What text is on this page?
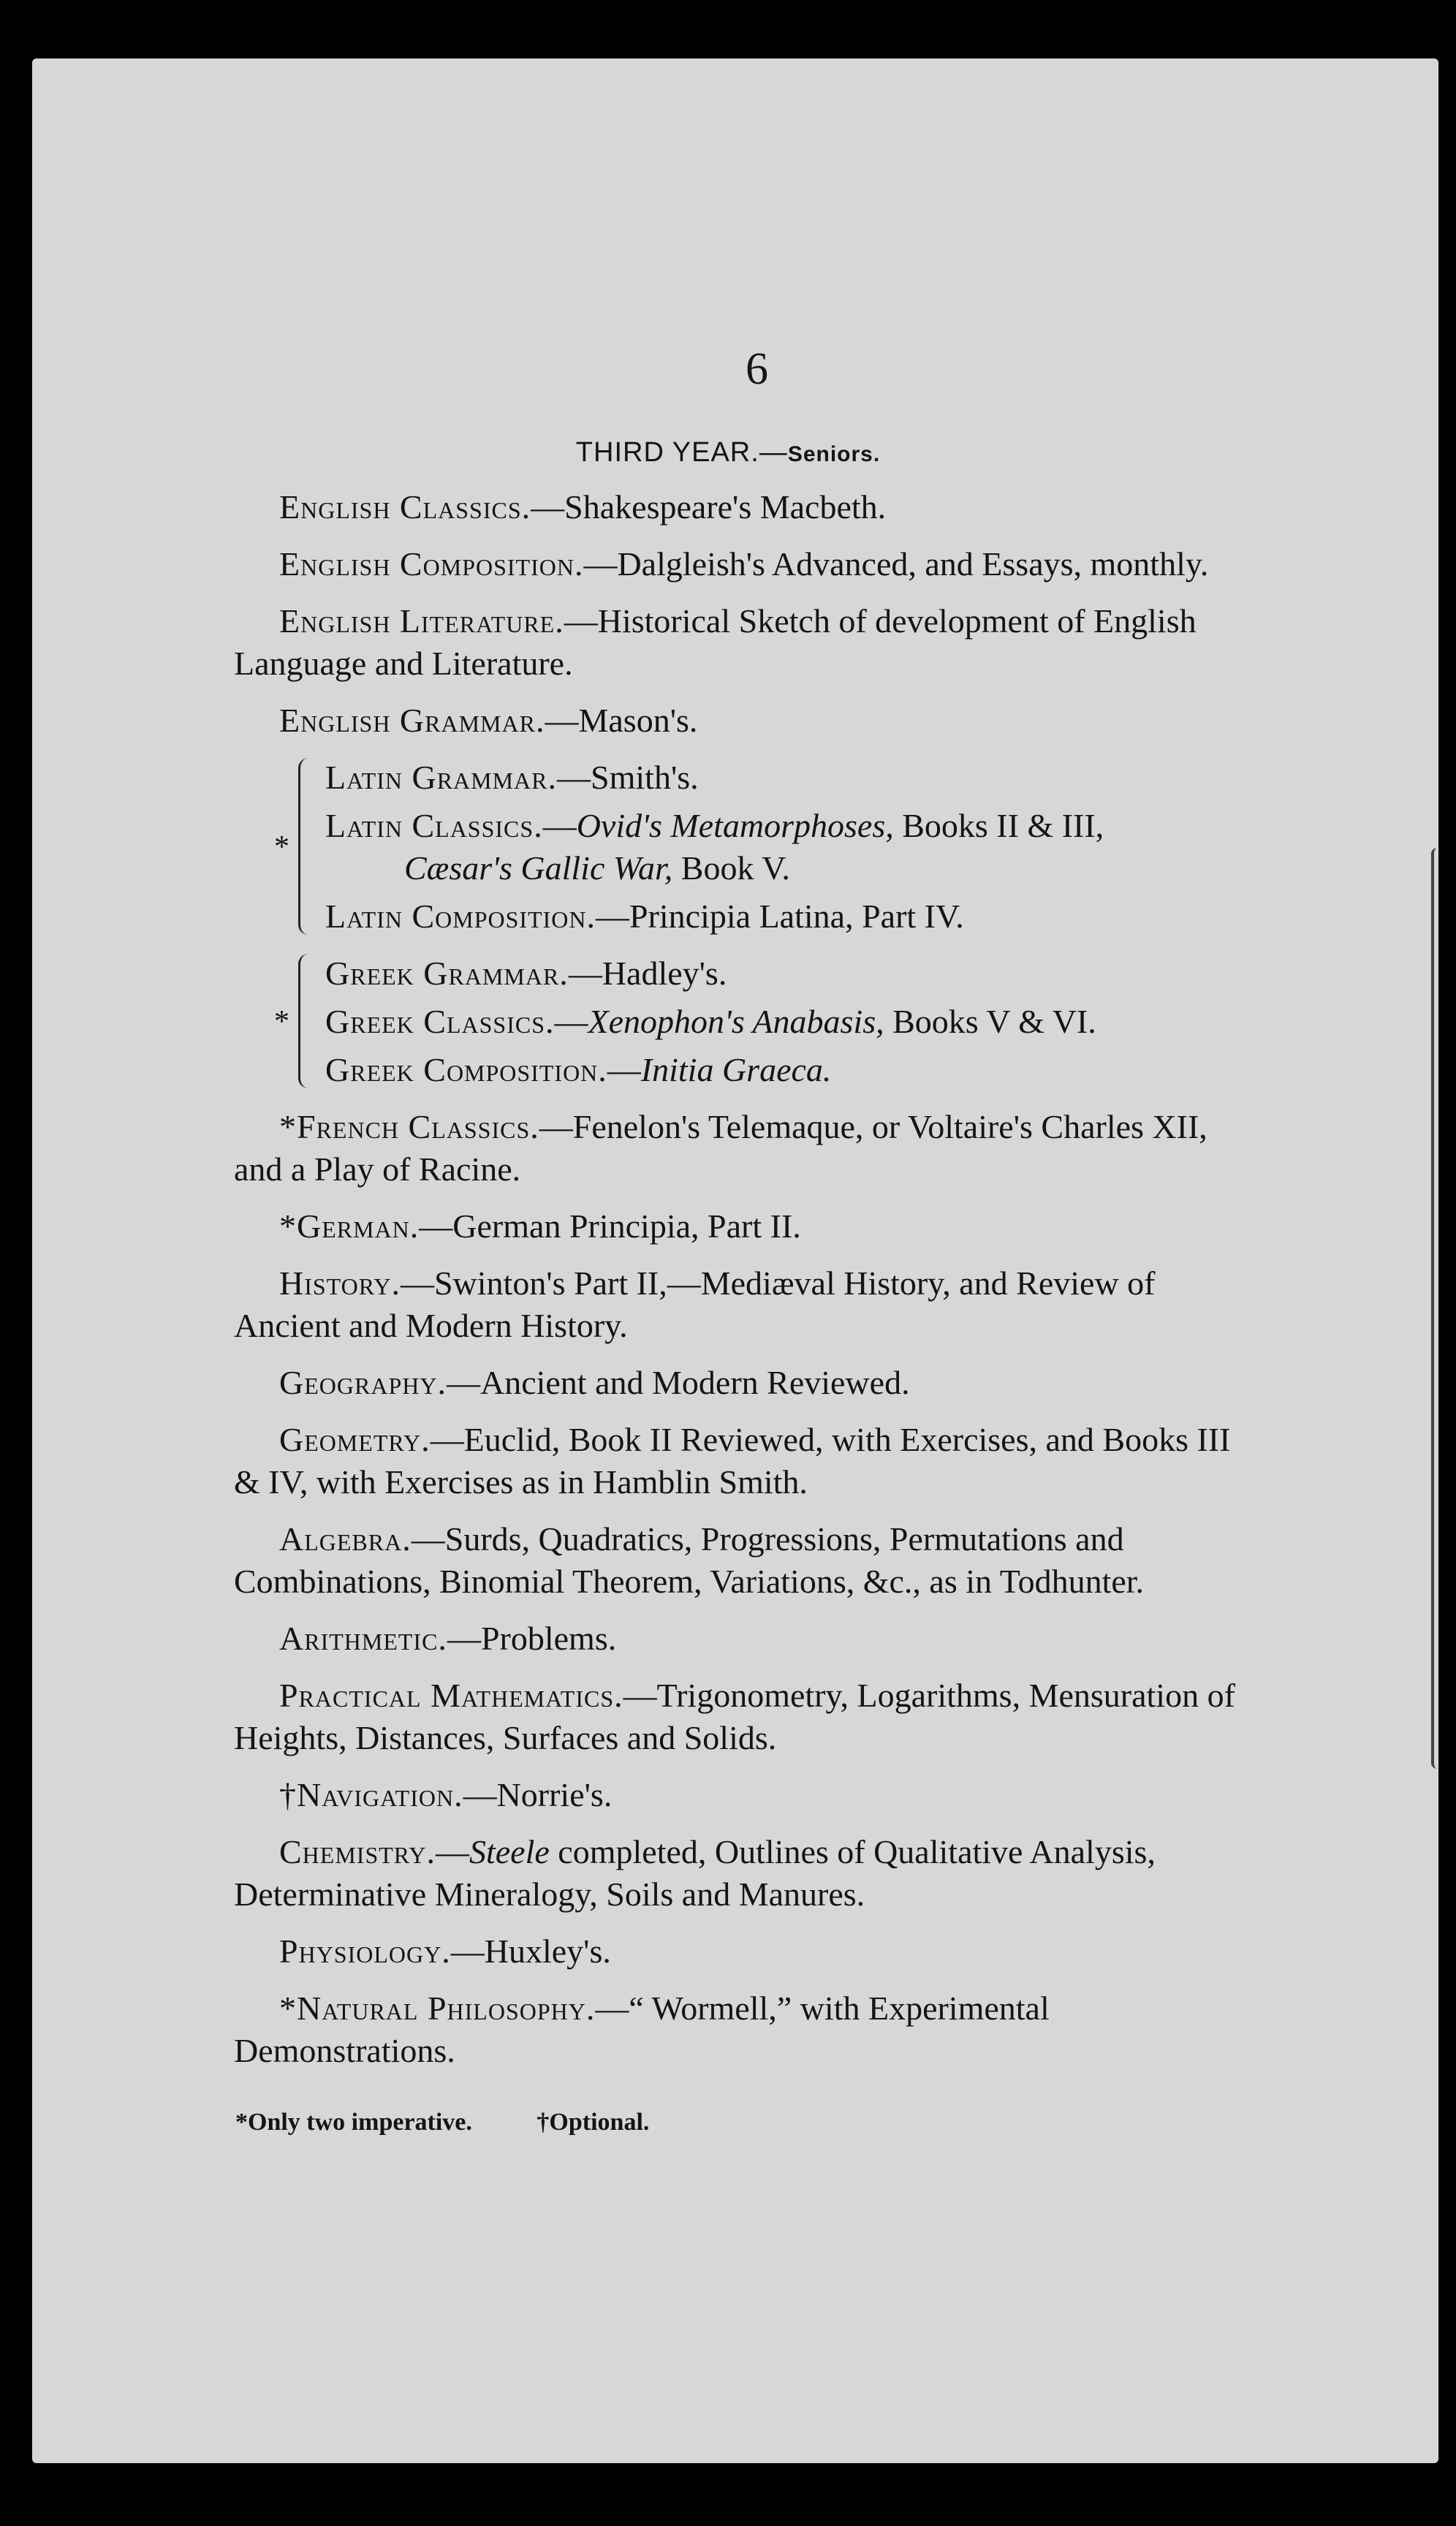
6
THIRD YEAR.—Seniors.

English Classics.—Shakespeare's Macbeth.

English Composition.—Dalgleish's Advanced, and Essays, monthly.

English Literature.—Historical Sketch of development of English Language and Literature.

English Grammar.—Mason's.

*
Latin Grammar.—Smith's.
Latin Classics.—Ovid's Metamorphoses, Books II & III,
Cæsar's Gallic War, Book V.
Latin Composition.—Principia Latina, Part IV.
*
Greek Grammar.—Hadley's.
Greek Classics.—Xenophon's Anabasis, Books V & VI.
Greek Composition.—Initia Graeca.

*French Classics.—Fenelon's Telemaque, or Voltaire's Charles XII, and a Play of Racine.

*German.—German Principia, Part II.

History.—Swinton's Part II,—Mediæval History, and Review of Ancient and Modern History.

Geography.—Ancient and Modern Reviewed.

Geometry.—Euclid, Book II Reviewed, with Exercises, and Books III & IV, with Exercises as in Hamblin Smith.

Algebra.—Surds, Quadratics, Progressions, Permutations and Combinations, Binomial Theorem, Variations, &c., as in Todhunter.

Arithmetic.—Problems.

Practical Mathematics.—Trigonometry, Logarithms, Mensuration of Heights, Distances, Surfaces and Solids.

†Navigation.—Norrie's.

Chemistry.—Steele completed, Outlines of Qualitative Analysis, Determinative Mineralogy, Soils and Manures.

Physiology.—Huxley's.

*Natural Philosophy.—“ Wormell,” with Experimental Demonstrations.

*Only two imperative.	†Optional.
